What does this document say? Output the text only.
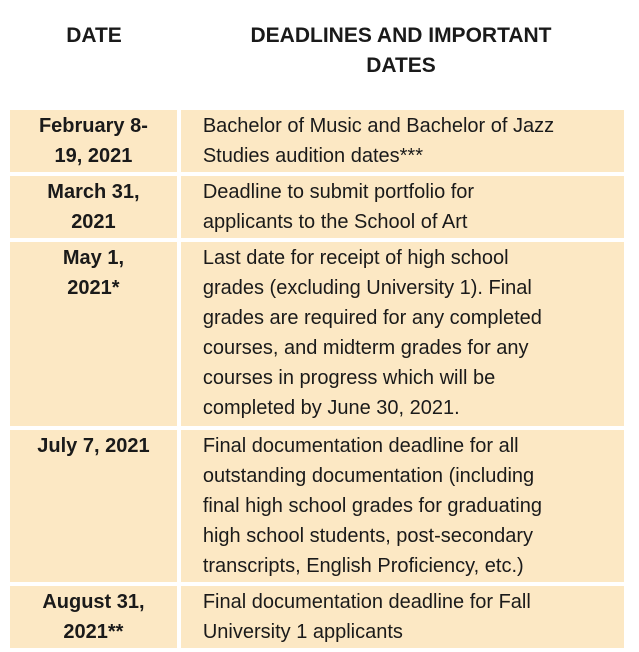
DATE	DEADLINES AND IMPORTANT
DATES
February 8-
19, 2021
Bachelor of Music and Bachelor of Jazz
Studies audition dates***
March 31,
2021
Deadline to submit portfolio for
applicants to the School of Art
May 1,
2021*
Last date for receipt of high school
grades (excluding University 1). Final
grades are required for any completed
courses, and midterm grades for any
courses in progress which will be
completed by June 30, 2021.
July 7, 2021	Final documentation deadline for all
outstanding documentation (including
final high school grades for graduating
high school students, post-secondary
transcripts, English Proficiency, etc.)
August 31,
2021**
Final documentation deadline for Fall
University 1 applicants
